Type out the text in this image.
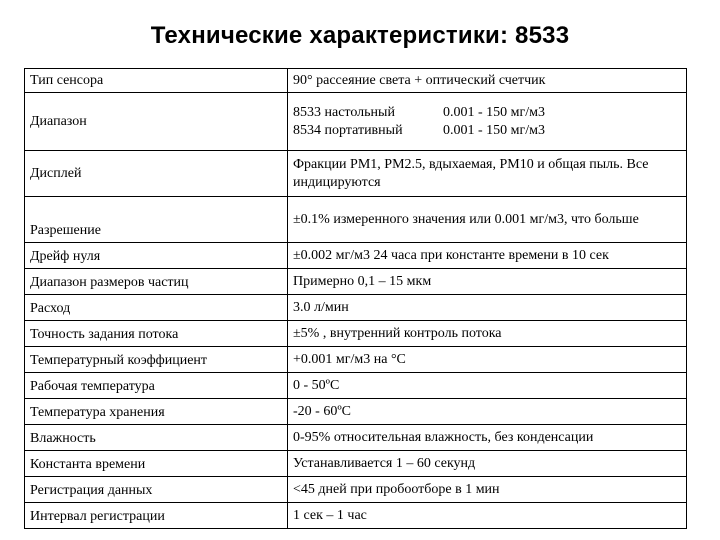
Технические характеристики: 8533
Тип сенсора	90° рассеяние света + оптический счетчик
Диапазон	8533 настольный 0.001 - 150 мг/м3
8534 портативный 0.001 - 150 мг/м3

Дисплей	Фракции PM1, PM2.5, вдыхаемая, PM10 и общая пыль. Все индицируются
Разрешение	±0.1% измеренного значения или 0.001 мг/м3, что больше
Дрейф нуля	±0.002 мг/м3 24 часа при константе времени в 10 сек
Диапазон размеров частиц	Примерно 0,1 – 15 мкм
Расход	3.0 л/мин
Точность задания потока	±5% , внутренний контроль потока
Температурный коэффициент	+0.001 мг/м3 на °С
Рабочая температура	0 - 50ºС
Температура хранения	-20 - 60ºС
Влажность	0-95% относительная влажность, без конденсации
Константа времени	Устанавливается 1 – 60 секунд
Регистрация данных	<45 дней при пробоотборе в 1 мин
Интервал регистрации	1 сек – 1 час
